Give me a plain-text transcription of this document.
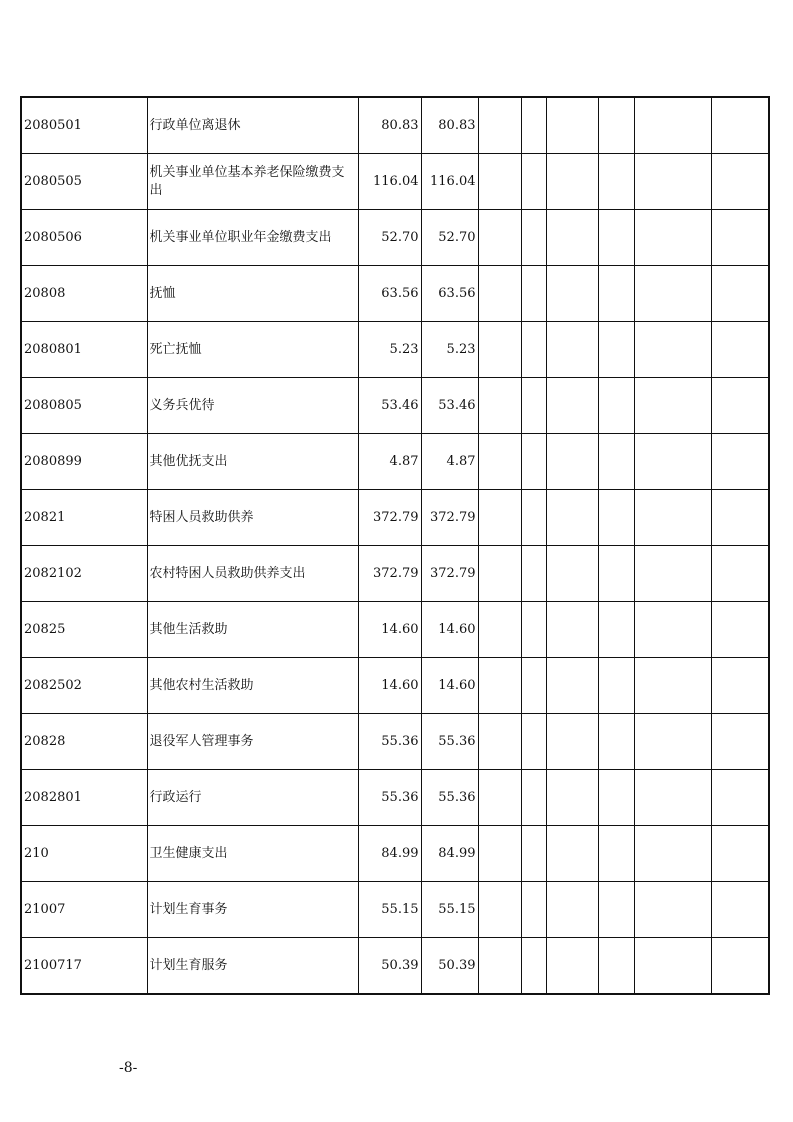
2080501	行政单位离退休	80.83	80.83						
2080505	机关事业单位基本养老保险缴费支出	116.04	116.04						
2080506	机关事业单位职业年金缴费支出	52.70	52.70						
20808	抚恤	63.56	63.56						
2080801	死亡抚恤	5.23	5.23						
2080805	义务兵优待	53.46	53.46						
2080899	其他优抚支出	4.87	4.87						
20821	特困人员救助供养	372.79	372.79						
2082102	农村特困人员救助供养支出	372.79	372.79						
20825	其他生活救助	14.60	14.60						
2082502	其他农村生活救助	14.60	14.60						
20828	退役军人管理事务	55.36	55.36						
2082801	行政运行	55.36	55.36						
210	卫生健康支出	84.99	84.99						
21007	计划生育事务	55.15	55.15						
2100717	计划生育服务	50.39	50.39						
-8-
